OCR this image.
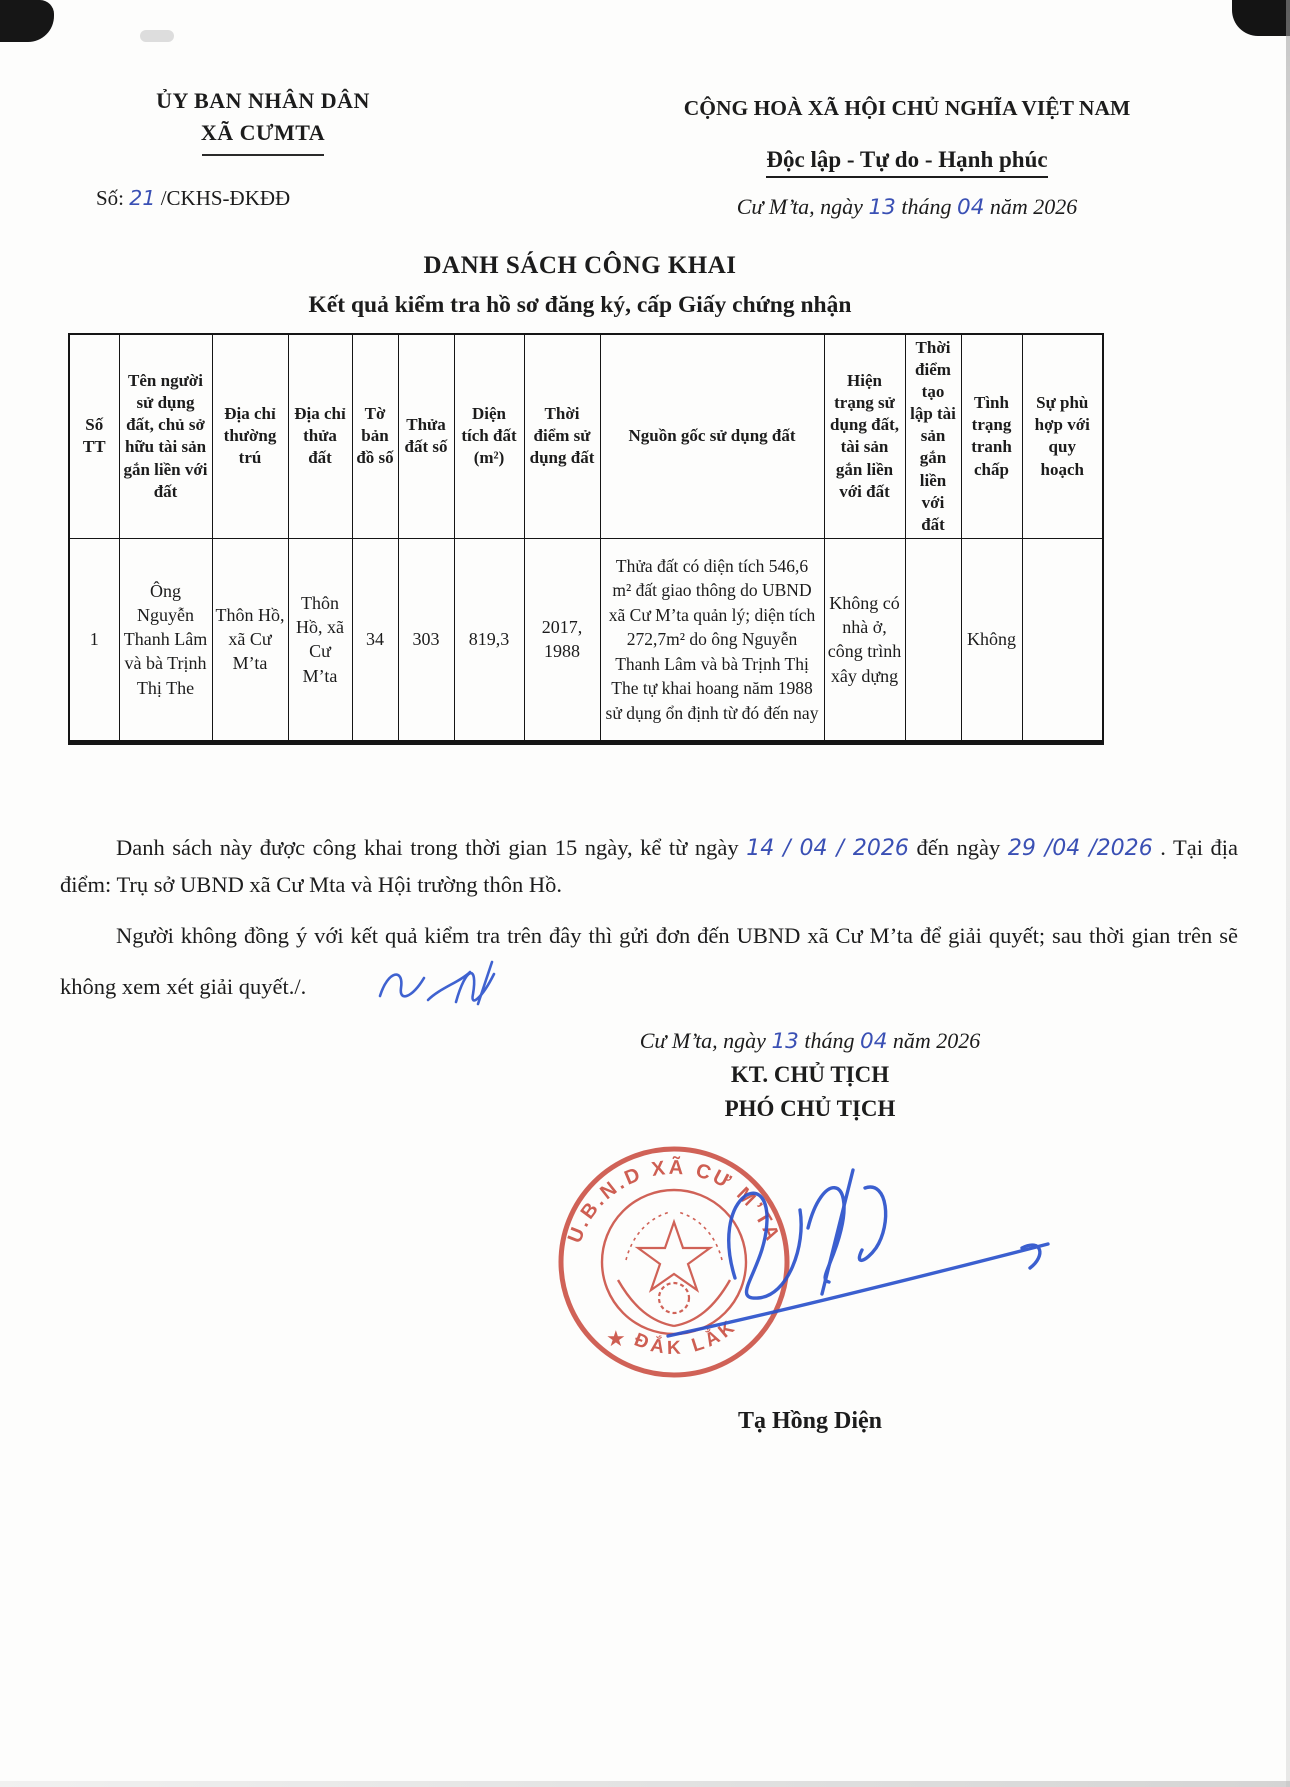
ỦY BAN NHÂN DÂN
XÃ CƯMTA
Số: 21 /CKHS-ĐKĐĐ
CỘNG HOÀ XÃ HỘI CHỦ NGHĨA VIỆT NAM

Độc lập - Tự do - Hạnh phúc
Cư M’ta, ngày 13 tháng 04 năm 2026
DANH SÁCH CÔNG KHAI
Kết quả kiểm tra hồ sơ đăng ký, cấp Giấy chứng nhận
Số TT	Tên người sử dụng đất, chủ sở hữu tài sản gắn liền với đất	Địa chỉ thường trú	Địa chỉ thửa đất	Tờ bản đồ số	Thửa đất số	Diện tích đất (m²)	Thời điểm sử dụng đất	Nguồn gốc sử dụng đất	Hiện trạng sử dụng đất, tài sản gắn liền với đất	Thời điểm tạo lập tài sản gắn liền với đất	Tình trạng tranh chấp	Sự phù hợp với quy hoạch
1	Ông Nguyễn Thanh Lâm và bà Trịnh Thị The	Thôn Hồ, xã Cư M’ta	Thôn Hồ, xã Cư M’ta	34	303	819,3	2017, 1988	Thửa đất có diện tích 546,6 m² đất giao thông do UBND xã Cư M’ta quản lý; diện tích 272,7m² do ông Nguyễn Thanh Lâm và bà Trịnh Thị The tự khai hoang năm 1988 sử dụng ổn định từ đó đến nay	Không có nhà ở, công trình xây dựng		Không	
Danh sách này được công khai trong thời gian 15 ngày, kể từ ngày 14 / 04 / 2026 đến ngày 29 /04 /2026 . Tại địa điểm: Trụ sở UBND xã Cư Mta và Hội trường thôn Hồ.
Người không đồng ý với kết quả kiểm tra trên đây thì gửi đơn đến UBND xã Cư M’ta để giải quyết; sau thời gian trên sẽ không xem xét giải quyết./.
Cư M’ta, ngày 13 tháng 04 năm 2026
KT. CHỦ TỊCH
PHÓ CHỦ TỊCH
U.B.N.D XÃ CƯ M’TA
ĐẮK LẮK
★
Tạ Hồng Diện
